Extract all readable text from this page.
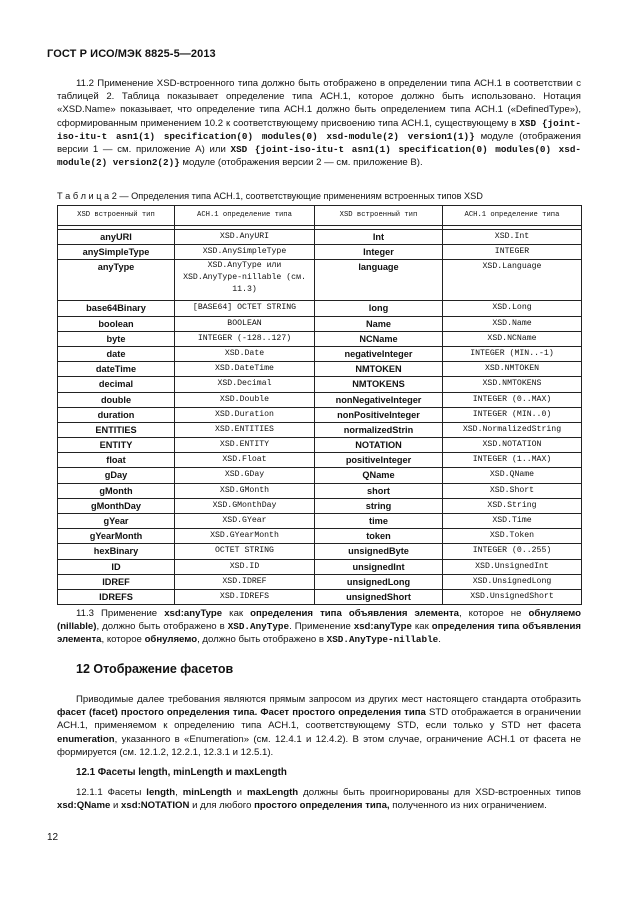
ГОСТ Р ИСО/МЭК 8825-5—2013
11.2 Применение XSD-встроенного типа должно быть отображено в определении типа АСН.1 в соответствии с таблицей 2. Таблица показывает определение типа АСН.1, которое должно быть использовано. Нотация «XSD.Name» показывает, что определение типа АСН.1 должно быть определением типа АСН.1 («DefinedType»), сформированным применением 10.2 к соответствующему присвоению типа АСН.1, существующему в XSD {joint-iso-itu-t asn1(1) specification(0) modules(0) xsd-module(2) version1(1)} модуле (отображения версии 1 — см. приложение А) или XSD {joint-iso-itu-t asn1(1) specification(0) modules(0) xsd-module(2) version2(2)} модуле (отображения версии 2 — см. приложение В).
Т а б л и ц а 2 — Определения типа АСН.1, соответствующие применениям встроенных типов XSD
XSD встроенный тип	АСН.1 определение типа	XSD встроенный тип	АСН.1 определение типа

anyURI	XSD.AnyURI	Int	XSD.Int
anySimpleType	XSD.AnySimpleType	Integer	INTEGER
anyType	XSD.AnyType или XSD.AnyType-nillable (см. 11.3)	language	XSD.Language
base64Binary	[BASE64] OCTET STRING	long	XSD.Long
boolean	BOOLEAN	Name	XSD.Name
byte	INTEGER (-128..127)	NCName	XSD.NCName
date	XSD.Date	negativeInteger	INTEGER (MIN..-1)
dateTime	XSD.DateTime	NMTOKEN	XSD.NMTOKEN
decimal	XSD.Decimal	NMTOKENS	XSD.NMTOKENS
double	XSD.Double	nonNegativeInteger	INTEGER (0..MAX)
duration	XSD.Duration	nonPositiveInteger	INTEGER (MIN..0)
ENTITIES	XSD.ENTITIES	normalizedStrin	XSD.NormalizedString
ENTITY	XSD.ENTITY	NOTATION	XSD.NOTATION
float	XSD.Float	positiveInteger	INTEGER (1..MAX)
gDay	XSD.GDay	QName	XSD.QName
gMonth	XSD.GMonth	short	XSD.Short
gMonthDay	XSD.GMonthDay	string	XSD.String
gYear	XSD.GYear	time	XSD.Time
gYearMonth	XSD.GYearMonth	token	XSD.Token
hexBinary	OCTET STRING	unsignedByte	INTEGER (0..255)
ID	XSD.ID	unsignedInt	XSD.UnsignedInt
IDREF	XSD.IDREF	unsignedLong	XSD.UnsignedLong
IDREFS	XSD.IDREFS	unsignedShort	XSD.UnsignedShort
11.3 Применение xsd:anyType как определения типа объявления элемента, которое не обнуляемо (nillable), должно быть отображено в XSD.AnyType. Применение xsd:anyType как определения типа объявления элемента, которое обнуляемо, должно быть отображено в XSD.AnyType-nillable.
12 Отображение фасетов
Приводимые далее требования являются прямым запросом из других мест настоящего стандарта отобразить фасет (facet) простого определения типа. Фасет простого определения типа STD отображается в ограничении АСН.1, применяемом к определению типа АСН.1, соответствующему STD, если только у STD нет фасета enumeration, указанного в «Enumeration» (см. 12.4.1 и 12.4.2). В этом случае, ограничение АСН.1 от фасета не формируется (см. 12.1.2, 12.2.1, 12.3.1 и 12.5.1).
12.1 Фасеты length, minLength и maxLength
12.1.1 Фасеты length, minLength и maxLength должны быть проигнорированы для XSD-встроенных типов xsd:QName и xsd:NOTATION и для любого простого определения типа, полученного из них ограничением.
12
